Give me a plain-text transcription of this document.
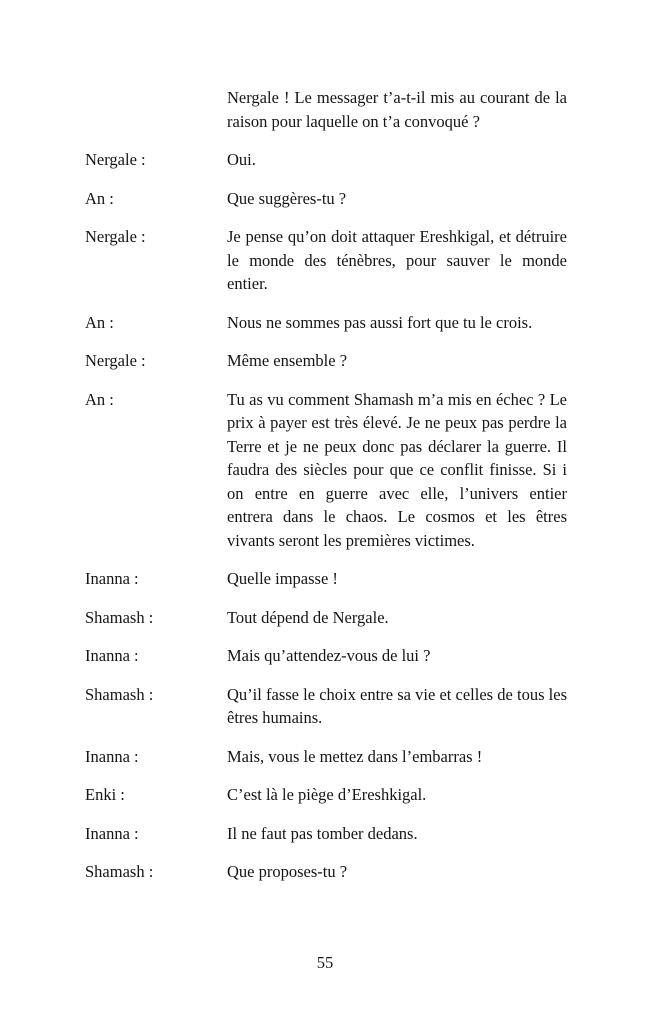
Nergale ! Le messager t’a-t-il mis au courant de la raison pour laquelle on t’a convoqué ?
Nergale :	Oui.
An :	Que suggères-tu ?
Nergale :	Je pense qu’on doit attaquer Ereshkigal, et détruire le monde des ténèbres, pour sauver le monde entier.
An :	Nous ne sommes pas aussi fort que tu le crois.
Nergale :	Même ensemble ?
An :	Tu as vu comment Shamash m’a mis en échec ? Le prix à payer est très élevé. Je ne peux pas perdre la Terre et je ne peux donc pas déclarer la guerre. Il faudra des siècles pour que ce conflit finisse. Si i on entre en guerre avec elle, l’univers entier entrera dans le chaos. Le cosmos et les êtres vivants seront les premières victimes.
Inanna :	Quelle impasse !
Shamash :	Tout dépend de Nergale.
Inanna :	Mais qu’attendez-vous de lui ?
Shamash :	Qu’il fasse le choix entre sa vie et celles de tous les êtres humains.
Inanna :	Mais, vous le mettez dans l’embarras !
Enki :	C’est là le piège d’Ereshkigal.
Inanna :	Il ne faut pas tomber dedans.
Shamash :	Que proposes-tu ?
55
